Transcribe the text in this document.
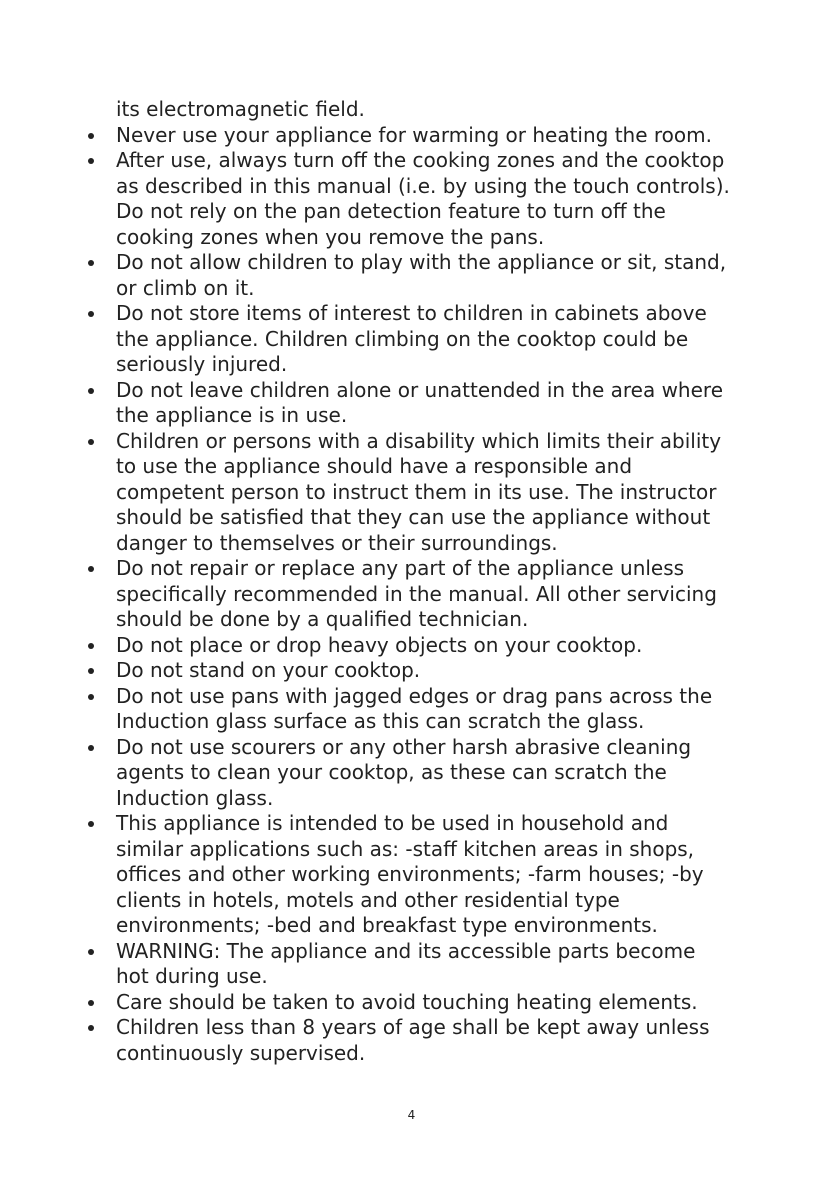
its electromagnetic field.
Never use your appliance for warming or heating the room.
After use, always turn off the cooking zones and the cooktop
as described in this manual (i.e. by using the touch controls).
Do not rely on the pan detection feature to turn off the
cooking zones when you remove the pans.
Do not allow children to play with the appliance or sit, stand,
or climb on it.
Do not store items of interest to children in cabinets above
the appliance. Children climbing on the cooktop could be
seriously injured.
Do not leave children alone or unattended in the area where
the appliance is in use.
Children or persons with a disability which limits their ability
to use the appliance should have a responsible and
competent person to instruct them in its use. The instructor
should be satisfied that they can use the appliance without
danger to themselves or their surroundings.
Do not repair or replace any part of the appliance unless
specifically recommended in the manual. All other servicing
should be done by a qualified technician.
Do not place or drop heavy objects on your cooktop.
Do not stand on your cooktop.
Do not use pans with jagged edges or drag pans across the
Induction glass surface as this can scratch the glass.
Do not use scourers or any other harsh abrasive cleaning
agents to clean your cooktop, as these can scratch the
Induction glass.
This appliance is intended to be used in household and
similar applications such as: -staff kitchen areas in shops,
offices and other working environments; -farm houses; -by
clients in hotels, motels and other residential type
environments; -bed and breakfast type environments.
WARNING: The appliance and its accessible parts become
hot during use.
Care should be taken to avoid touching heating elements.
Children less than 8 years of age shall be kept away unless
continuously supervised.
4
